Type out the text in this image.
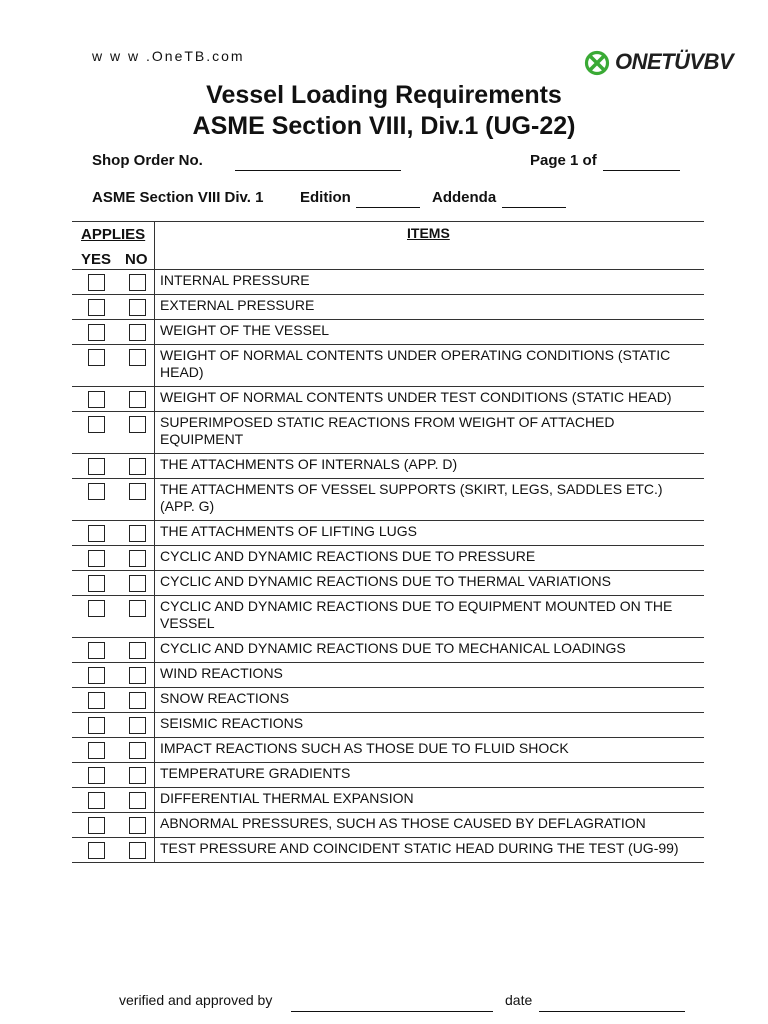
w w w .OneTB.com	ONETÜVBV
Vessel Loading Requirements
ASME Section VIII, Div.1 (UG-22)
Shop Order No.	Page 1 of
ASME Section VIII Div. 1 Edition	Addenda
APPLIES
YES NO
ITEMS
INTERNAL PRESSURE
EXTERNAL PRESSURE
WEIGHT OF THE VESSEL
WEIGHT OF NORMAL CONTENTS UNDER OPERATING CONDITIONS (STATIC HEAD)
WEIGHT OF NORMAL CONTENTS UNDER TEST CONDITIONS (STATIC HEAD)
SUPERIMPOSED STATIC REACTIONS FROM WEIGHT OF ATTACHED EQUIPMENT
THE ATTACHMENTS OF INTERNALS (APP. D)
THE ATTACHMENTS OF VESSEL SUPPORTS (SKIRT, LEGS, SADDLES ETC.) (APP. G)
THE ATTACHMENTS OF LIFTING LUGS
CYCLIC AND DYNAMIC REACTIONS DUE TO PRESSURE
CYCLIC AND DYNAMIC REACTIONS DUE TO THERMAL VARIATIONS
CYCLIC AND DYNAMIC REACTIONS DUE TO EQUIPMENT MOUNTED ON THE VESSEL
CYCLIC AND DYNAMIC REACTIONS DUE TO MECHANICAL LOADINGS
WIND REACTIONS
SNOW REACTIONS
SEISMIC REACTIONS
IMPACT REACTIONS SUCH AS THOSE DUE TO FLUID SHOCK
TEMPERATURE GRADIENTS
DIFFERENTIAL THERMAL EXPANSION
ABNORMAL PRESSURES, SUCH AS THOSE CAUSED BY DEFLAGRATION
TEST PRESSURE AND COINCIDENT STATIC HEAD DURING THE TEST (UG-99)
verified and approved by	date
